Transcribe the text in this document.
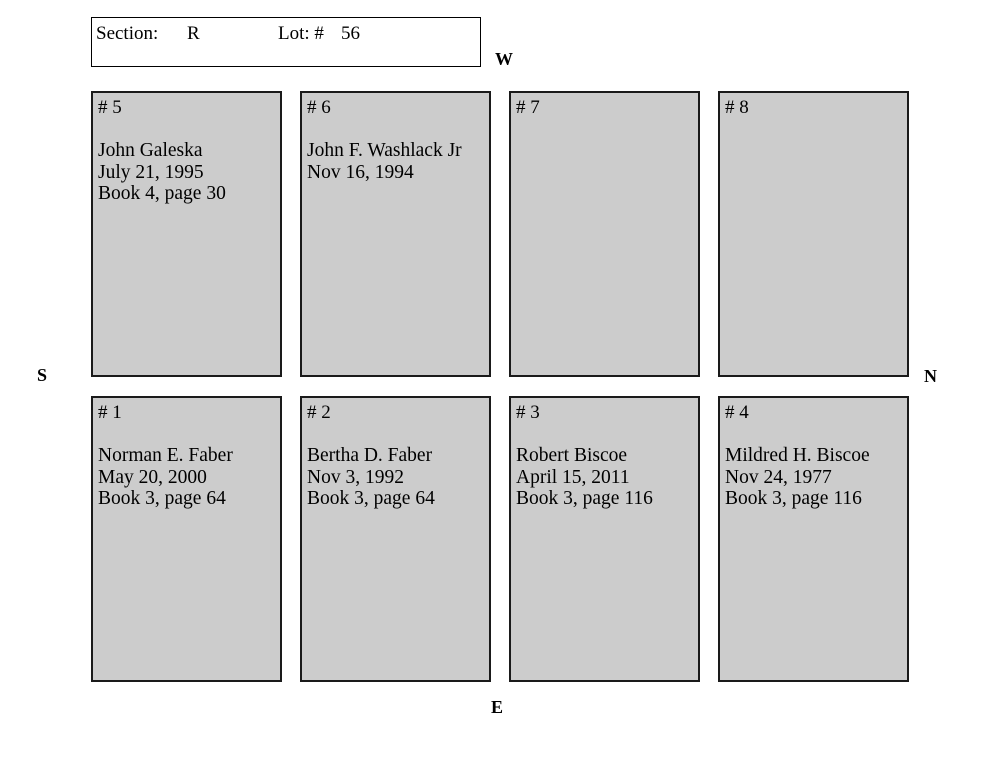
Section: R	Lot: # 56
W
E
S	N
# 5
John Galeska
July 21, 1995
Book 4, page 30
# 6
John F. Washlack Jr
Nov 16, 1994
# 7	# 8
# 1
Norman E. Faber
May 20, 2000
Book 3, page 64
# 2
Bertha D. Faber
Nov 3, 1992
Book 3, page 64
# 3
Robert Biscoe
April 15, 2011
Book 3, page 116
# 4
Mildred H. Biscoe
Nov 24, 1977
Book 3, page 116
